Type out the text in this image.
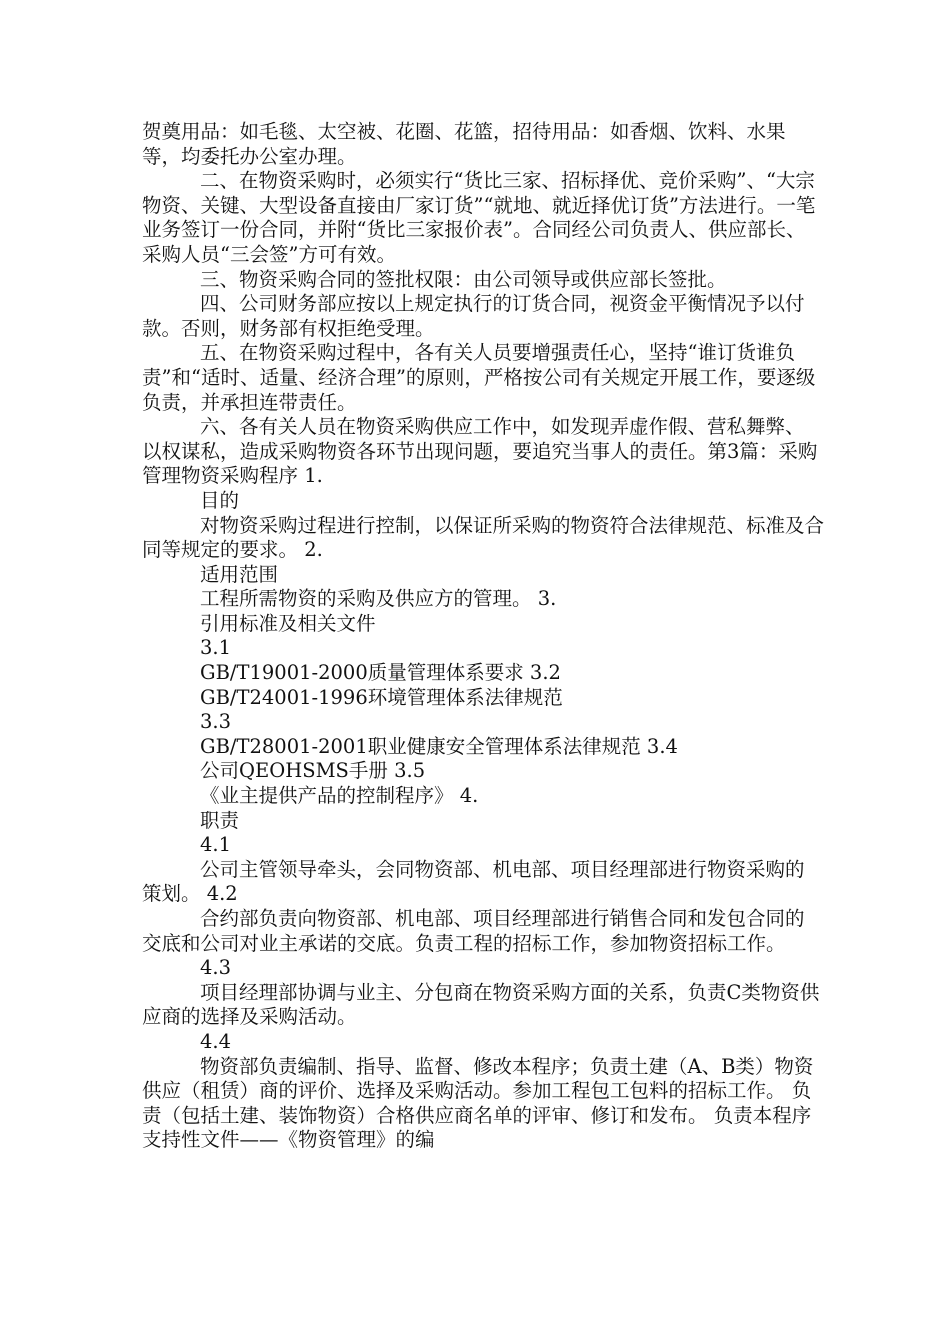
贺奠用品：如毛毯、太空被、花圈、花篮，招待用品：如香烟、饮料、水果等，均委托办公室办理。

二、在物资采购时，必须实行“货比三家、招标择优、竞价采购”、“大宗物资、关键、大型设备直接由厂家订货”“就地、就近择优订货”方法进行。一笔业务签订一份合同，并附“货比三家报价表”。合同经公司负责人、供应部长、采购人员“三会签”方可有效。

三、物资采购合同的签批权限：由公司领导或供应部长签批。

四、公司财务部应按以上规定执行的订货合同，视资金平衡情况予以付款。否则，财务部有权拒绝受理。

五、在物资采购过程中，各有关人员要增强责任心，坚持“谁订货谁负责”和“适时、适量、经济合理”的原则，严格按公司有关规定开展工作，要逐级负责，并承担连带责任。

六、各有关人员在物资采购供应工作中，如发现弄虚作假、营私舞弊、以权谋私，造成采购物资各环节出现问题，要追究当事人的责任。第3篇：采购管理物资采购程序 1.

目的

对物资采购过程进行控制，以保证所采购的物资符合法律规范、标准及合同等规定的要求。 2.

适用范围

工程所需物资的采购及供应方的管理。 3.

引用标准及相关文件

3.1

GB/T19001-2000质量管理体系要求 3.2

GB/T24001-1996环境管理体系法律规范

3.3

GB/T28001-2001职业健康安全管理体系法律规范 3.4

公司QEOHSMS手册 3.5

《业主提供产品的控制程序》 4.

职责

4.1

公司主管领导牵头，会同物资部、机电部、项目经理部进行物资采购的策划。 4.2

合约部负责向物资部、机电部、项目经理部进行销售合同和发包合同的交底和公司对业主承诺的交底。负责工程的招标工作，参加物资招标工作。

4.3

项目经理部协调与业主、分包商在物资采购方面的关系，负责C类物资供应商的选择及采购活动。

4.4

物资部负责编制、指导、监督、修改本程序；负责土建（A、B类）物资供应（租赁）商的评价、选择及采购活动。参加工程包工包料的招标工作。 负责（包括土建、装饰物资）合格供应商名单的评审、修订和发布。 负责本程序支持性文件——《物资管理》的编
